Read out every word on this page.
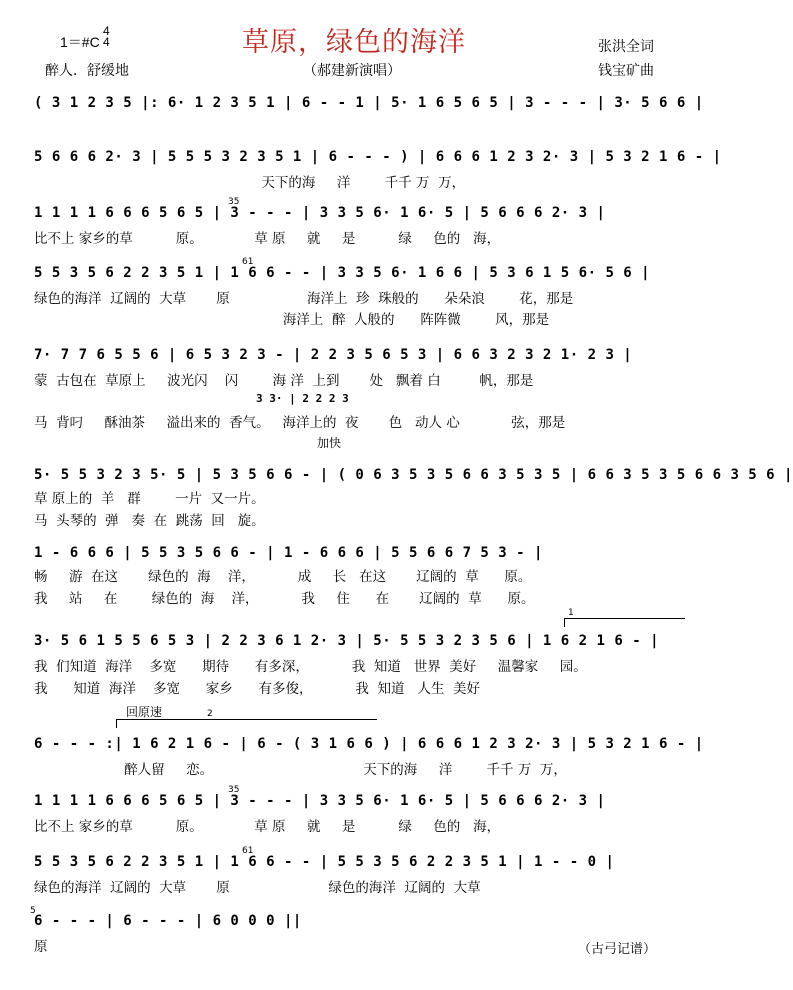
草原，绿色的海洋
1＝#C
4
4	张洪全词
醉人．舒缓地	（郝建新演唱）	钱宝矿曲
( 3 1 2 3 5 |: 6· 1 2 3 5 1 | 6 - - 1 | 5· 1 6 5 6 5 | 3 - - - | 3· 5 6 6 |
5 6 6 6 2· 3 | 5 5 5 3 2 3 5 1 | 6 - - - ) | 6 6 6 1 2 3 2· 3 | 5 3 2 1 6 - |
天下的海     洋        千千 万  万，
35
1 1 1 1 6 6 6 5 6 5 | 3 - - - | 3 3 5 6· 1 6· 5 | 5 6 6 6 2· 3 |
比不上 家乡的草          原。            草 原     就     是          绿     色的   海，
61
5 5 3 5 6 2 2 3 5 1 | 1 6 6 - - | 3 3 5 6· 1 6 6 | 5 3 6 1 5 6· 5 6 |
绿色的海洋  辽阔的  大草       原                  海洋上  珍  珠般的      朵朵浪        花，那是
海洋上  醉  人般的      阵阵微        风，那是
7· 7 7 6 5 5 6 | 6 5 3 2 3 - | 2 2 3 5 6 5 3 | 6 6 3 2 3 2 1· 2 3 |
蒙  古包在  草原上     波光闪    闪        海 洋  上到       处   飘着 白         帆，那是
3 3· | 2 2 2 3
马  背叼     酥油茶     溢出来的  香气。   海洋上的  夜       色   动人 心            弦，那是
加快
5· 5 5 3 2 3 5· 5 | 5 3 5 6 6 - | ( 0 6 3 5 3 5 6 6 3 5 3 5 | 6 6 3 5 3 5 6 6 3 5 6 |
草 原上的  羊   群        一片  又一片。
马  头琴的  弹   奏  在  跳荡  回   旋。
1 - 6 6 6 | 5 5 3 5 6 6 - | 1 - 6 6 6 | 5 5 6 6 7 5 3 - |
畅     游  在这       绿色的  海    洋，          成     长   在这       辽阔的  草      原。
我     站     在        绿色的  海    洋，          我     住      在       辽阔的  草      原。
1
3· 5 6 1 5 5 6 5 3 | 2 2 3 6 1 2· 3 | 5· 5 5 3 2 3 5 6 | 1 6 2 1 6 - |
我  们知道  海洋    多宽      期待      有多深，          我  知道   世界  美好     温馨家     园。
我      知道  海洋    多宽      家乡      有多俊，          我  知道   人生  美好
回原速	2
6 - - - :| 1 6 2 1 6 - | 6 - ( 3 1 6 6 ) | 6 6 6 1 2 3 2· 3 | 5 3 2 1 6 - |
醉人留     恋。                                   天下的海     洋        千千 万  万，
35
1 1 1 1 6 6 6 5 6 5 | 3 - - - | 3 3 5 6· 1 6· 5 | 5 6 6 6 2· 3 |
比不上 家乡的草          原。            草 原     就     是          绿     色的   海，
61
5 5 3 5 6 2 2 3 5 1 | 1 6 6 - - | 5 5 3 5 6 2 2 3 5 1 | 1 - - 0 |
绿色的海洋  辽阔的  大草       原                       绿色的海洋  辽阔的  大草
5
6 - - - | 6 - - - | 6 0 0 0 ||
原	（古弓记谱）
